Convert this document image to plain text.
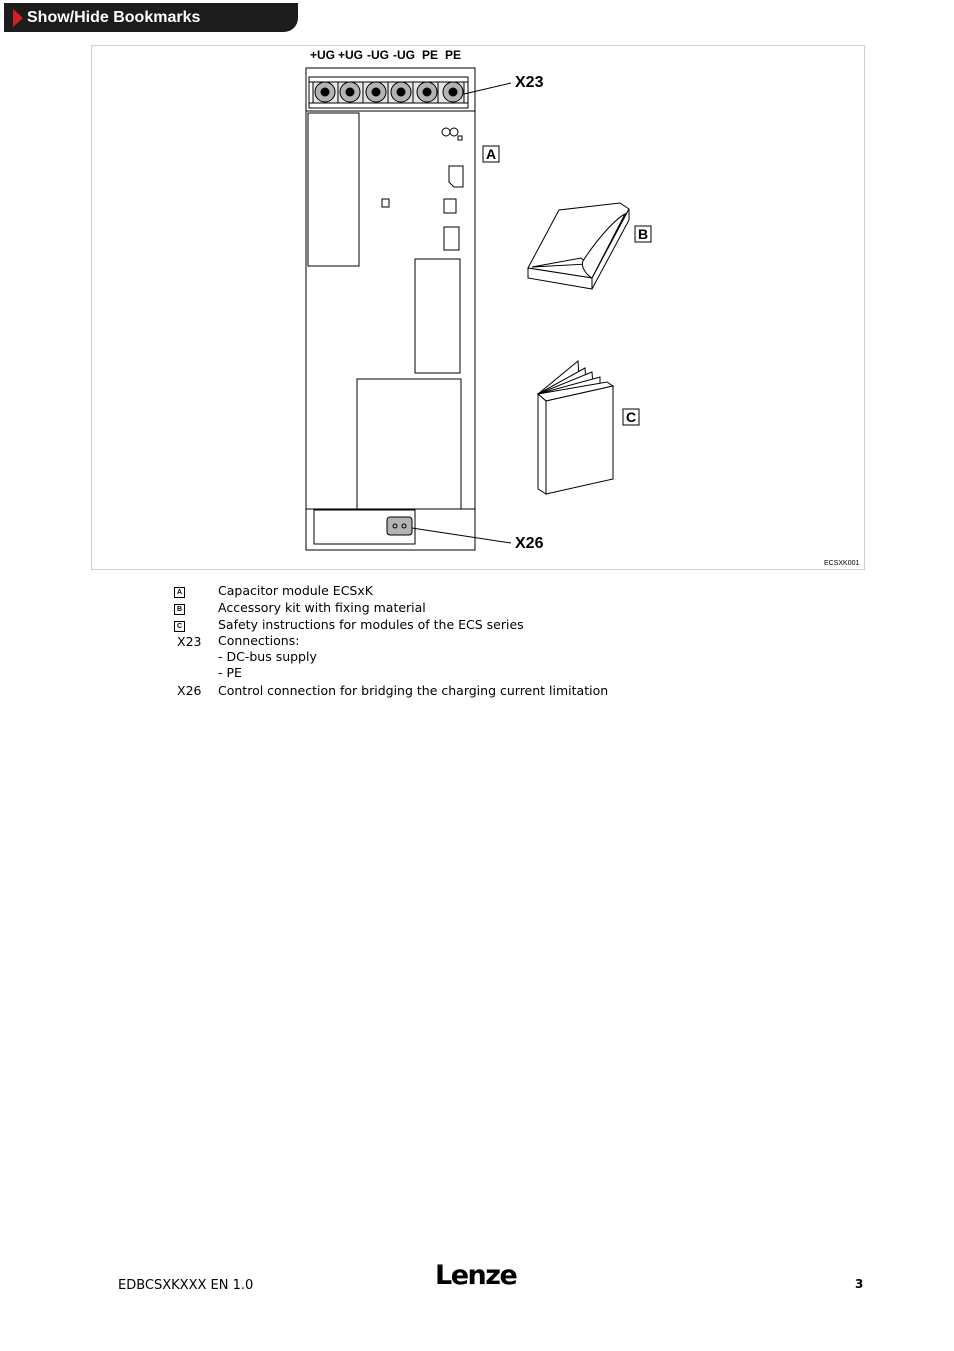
Show/Hide Bookmarks
+UG +UG -UG -UG PE PE
X23
X26
A
B
C
ECSXK001
A	Capacitor module ECSxK
B	Accessory kit with fixing material
C	Safety instructions for modules of the ECS series
X23	Connections:
- DC-bus supply
- PE
X26	Control connection for bridging the charging current limitation
EDBCSXKXXX EN 1.0	Lenze	3
